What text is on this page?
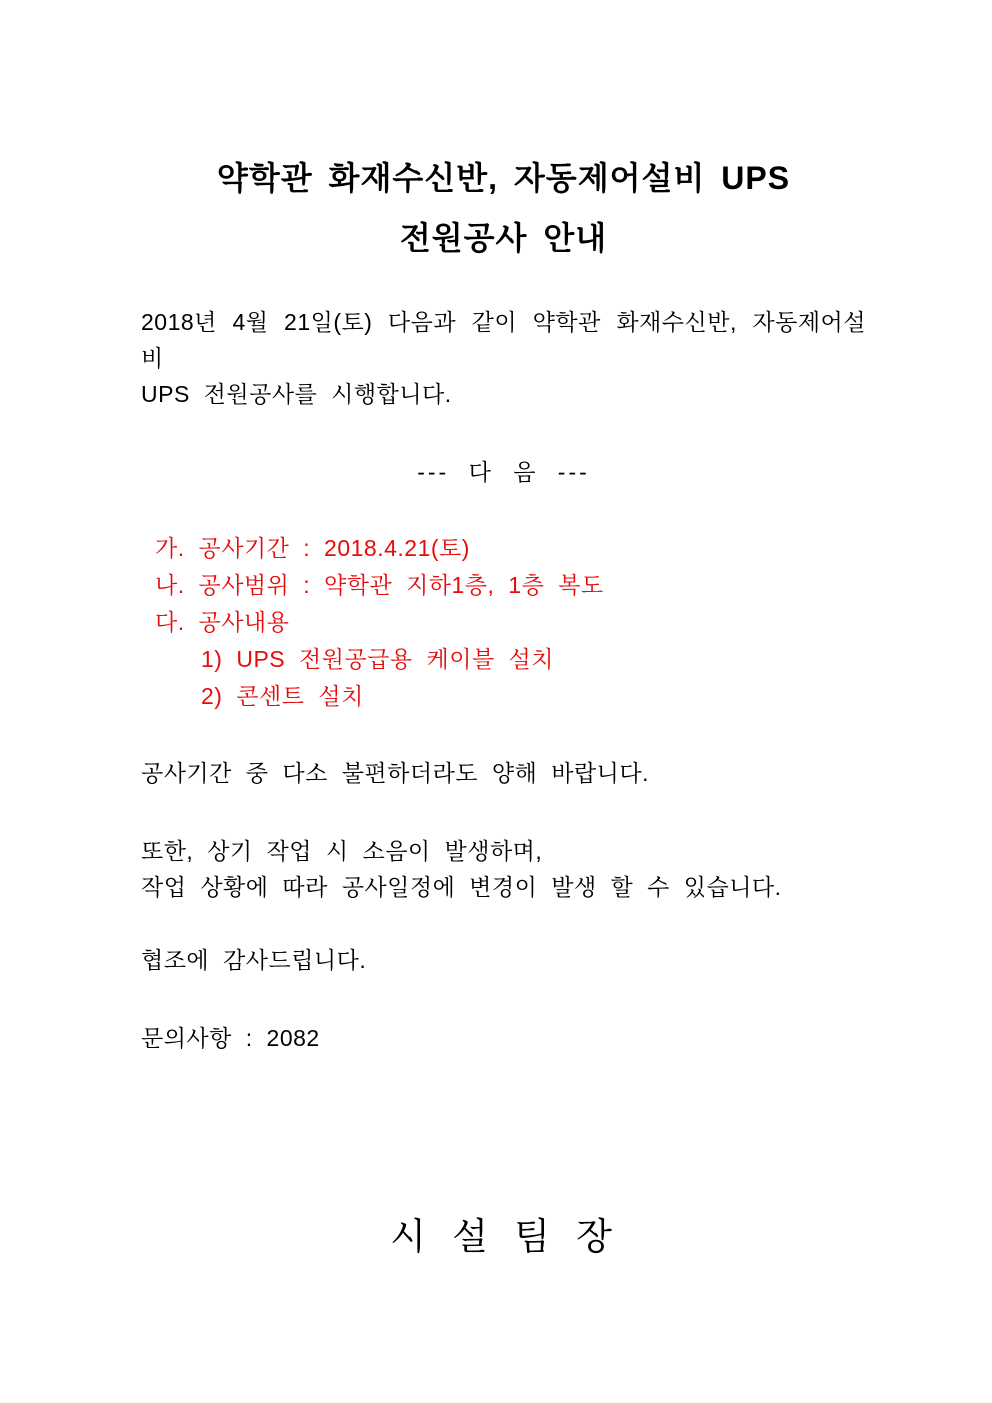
약학관 화재수신반, 자동제어설비 UPS
전원공사 안내
2018년 4월 21일(토) 다음과 같이 약학관 화재수신반, 자동제어설비
UPS 전원공사를 시행합니다.
--- 다 음 ---
가. 공사기간 : 2018.4.21(토)
나. 공사범위 : 약학관 지하1층, 1층 복도
다. 공사내용
1) UPS 전원공급용 케이블 설치
2) 콘센트 설치
공사기간 중 다소 불편하더라도 양해 바랍니다.
또한, 상기 작업 시 소음이 발생하며,
작업 상황에 따라 공사일정에 변경이 발생 할 수 있습니다.
협조에 감사드립니다.
문의사항 : 2082
시 설 팀 장
